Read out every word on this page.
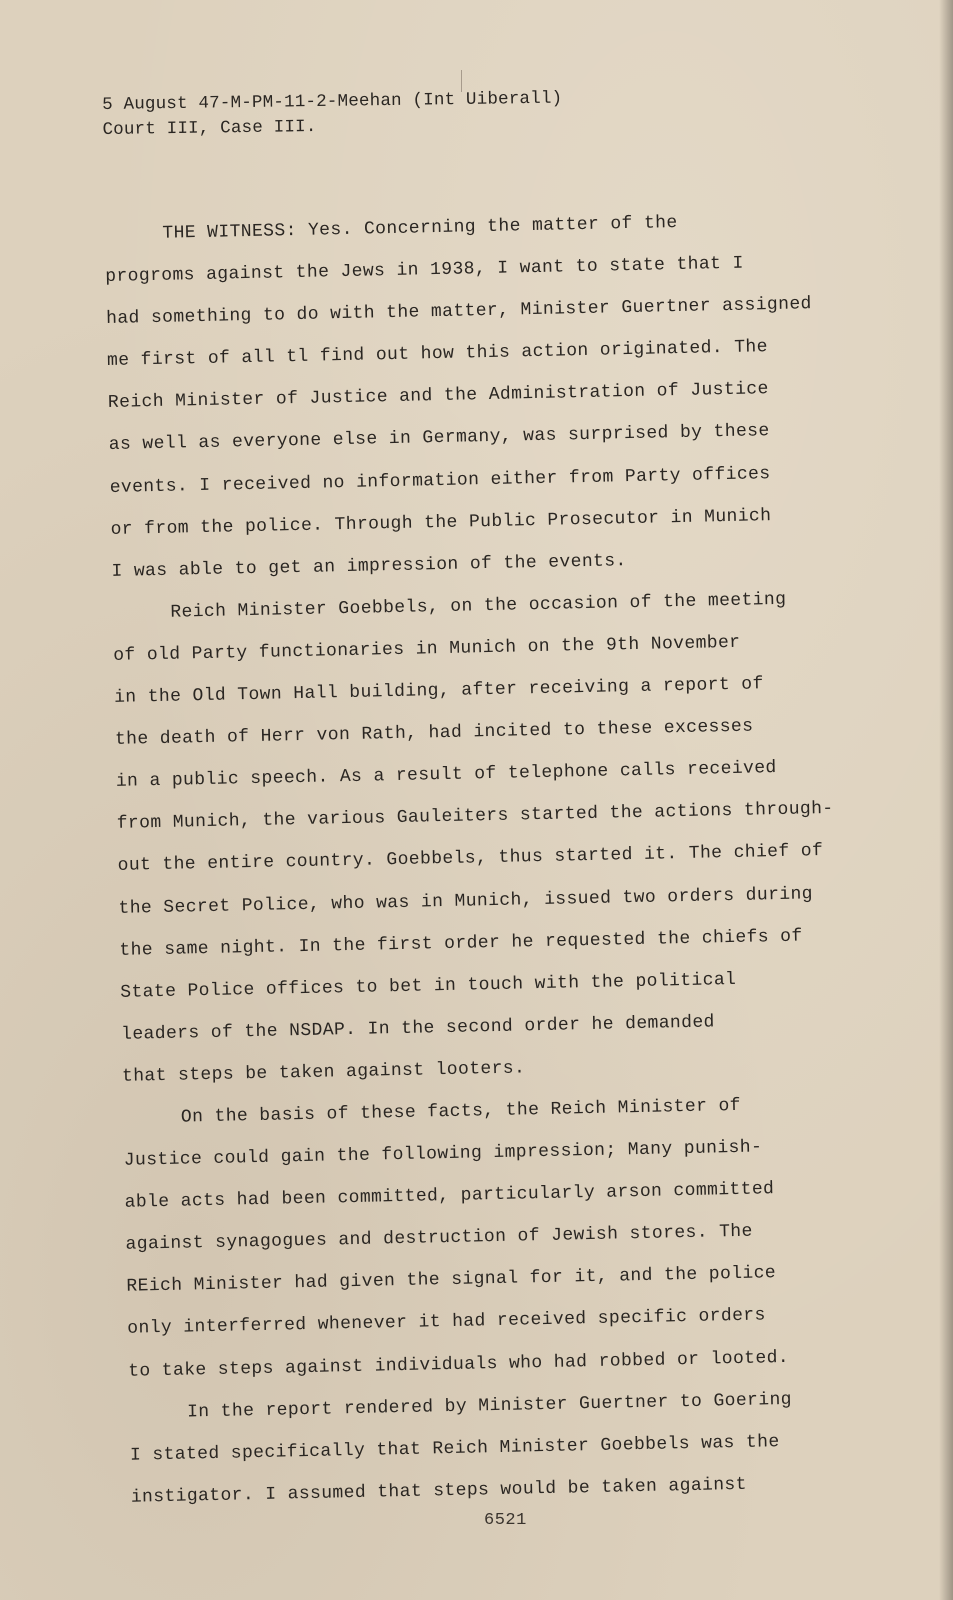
5 August 47-M-PM-11-2-Meehan (Int Uiberall)
Court III, Case III.
THE WITNESS: Yes. Concerning the matter of the
progroms against the Jews in 1938, I want to state that I
had something to do with the matter, Minister Guertner assigned
me first of all tl find out how this action originated. The
Reich Minister of Justice and the Administration of Justice
as well as everyone else in Germany, was surprised by these
events. I received no information either from Party offices
or from the police. Through the Public Prosecutor in Munich
I was able to get an impression of the events.
Reich Minister Goebbels, on the occasion of the meeting
of old Party functionaries in Munich on the 9th November
in the Old Town Hall building, after receiving a report of
the death of Herr von Rath, had incited to these excesses
in a public speech. As a result of telephone calls received
from Munich, the various Gauleiters started the actions through-
out the entire country. Goebbels, thus started it. The chief of
the Secret Police, who was in Munich, issued two orders during
the same night. In the first order he requested the chiefs of
State Police offices to bet in touch with the political
leaders of the NSDAP. In the second order he demanded
that steps be taken against looters.
On the basis of these facts, the Reich Minister of
Justice could gain the following impression; Many punish-
able acts had been committed, particularly arson committed
against synagogues and destruction of Jewish stores. The
REich Minister had given the signal for it, and the police
only interferred whenever it had received specific orders
to take steps against individuals who had robbed or looted.
In the report rendered by Minister Guertner to Goering
I stated specifically that Reich Minister Goebbels was the
instigator. I assumed that steps would be taken against
6521
